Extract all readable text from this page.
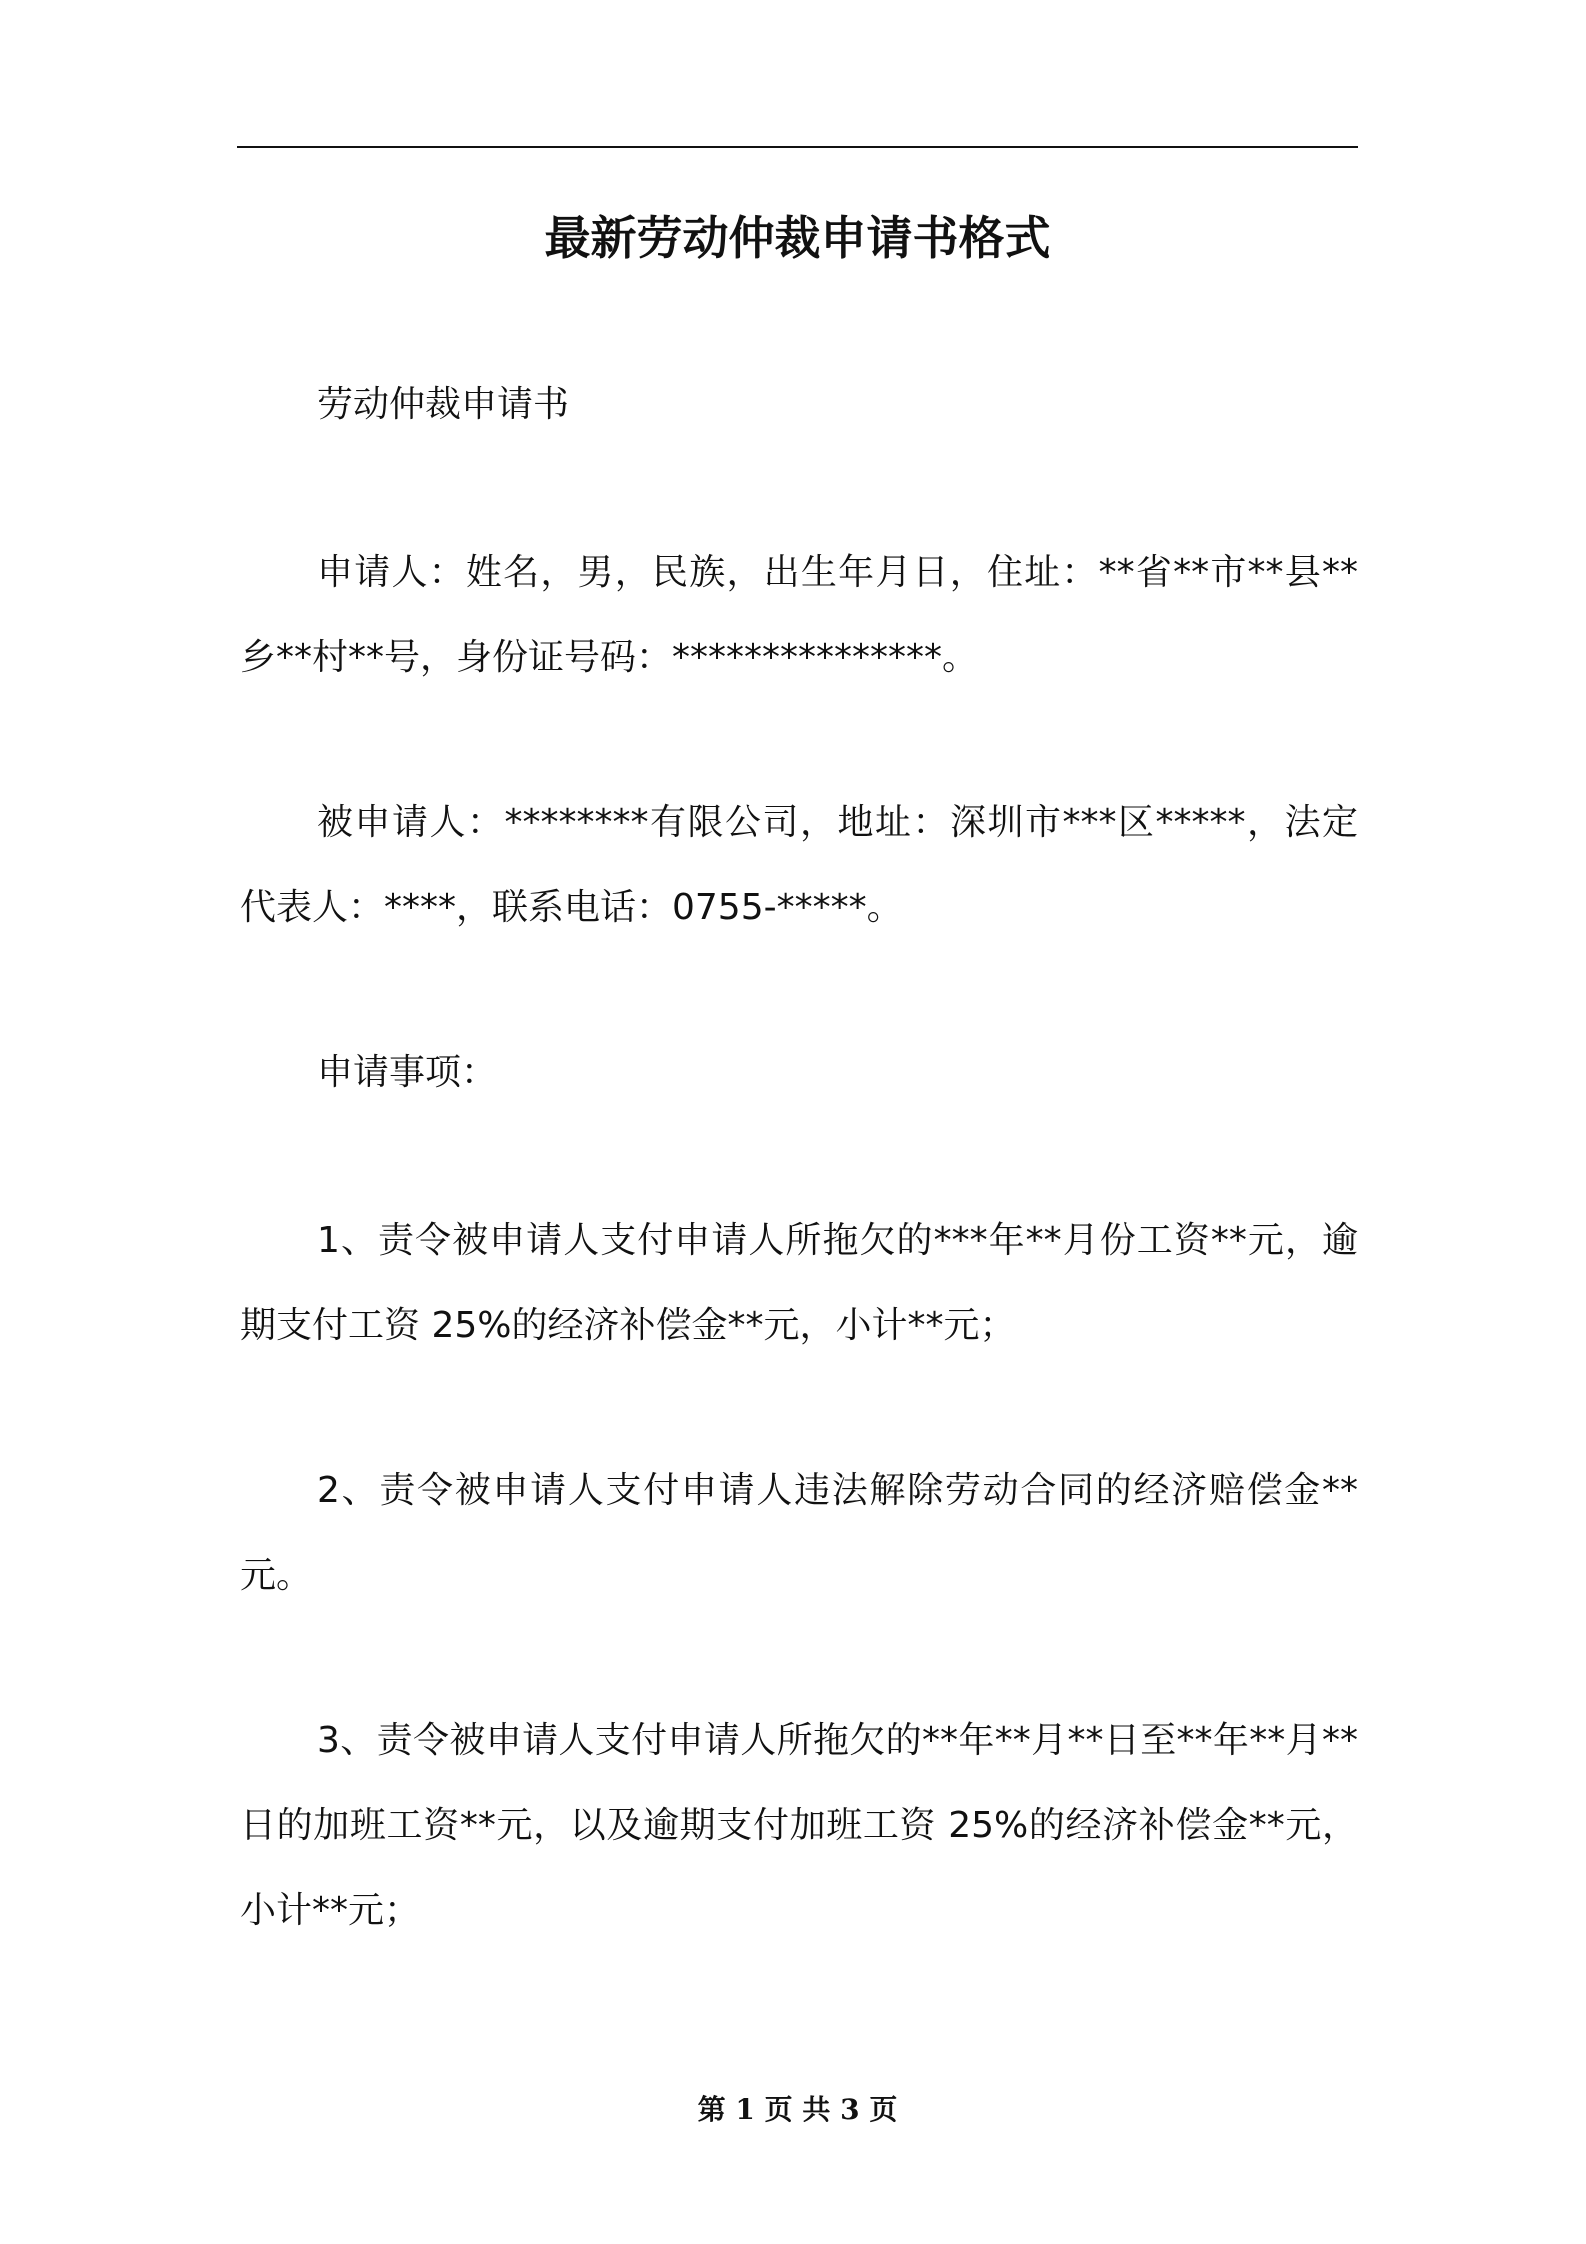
最新劳动仲裁申请书格式

劳动仲裁申请书

申请人：姓名，男，民族，出生年月日，住址：**省**市**县**乡**村**号，身份证号码：***************。

被申请人：********有限公司，地址：深圳市***区*****，法定代表人：****，联系电话：0755-*****。

申请事项：

1、责令被申请人支付申请人所拖欠的***年**月份工资**元，逾期支付工资 25%的经济补偿金**元，小计**元；

2、责令被申请人支付申请人违法解除劳动合同的经济赔偿金**元。

3、责令被申请人支付申请人所拖欠的**年**月**日至**年**月**日的加班工资**元，以及逾期支付加班工资 25%的经济补偿金**元，小计**元；

第 1 页 共 3 页
